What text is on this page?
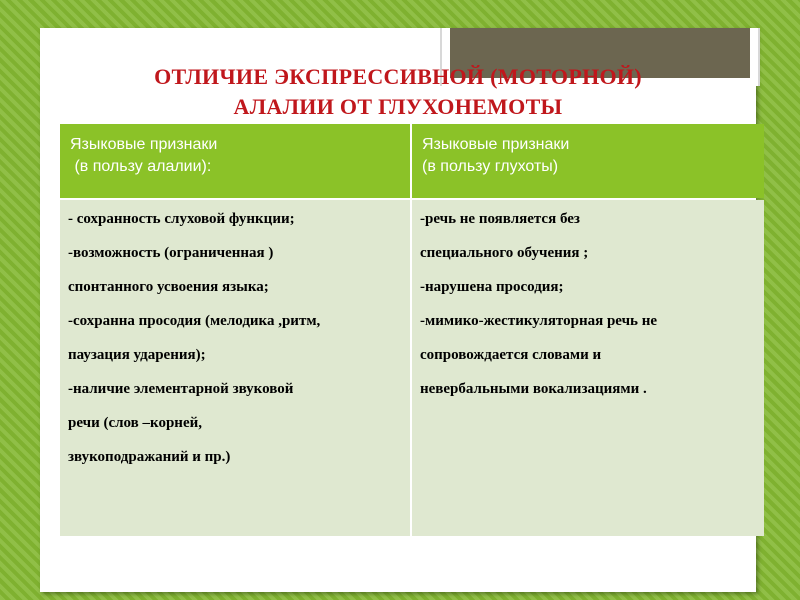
ОТЛИЧИЕ ЭКСПРЕССИВНОЙ (МОТОРНОЙ)
АЛАЛИИ ОТ ГЛУХОНЕМОТЫ
Языковые признаки
(в пользу алалии):
Языковые признаки
(в пользу глухоты)
- сохранность слуховой функции;
-возможность (ограниченная )
спонтанного усвоения языка;
-сохранна просодия (мелодика ,ритм,
паузация ударения);
-наличие элементарной звуковой
речи (слов –корней,
звукоподражаний и пр.)
-речь не появляется без
специального обучения ;
-нарушена просодия;
-мимико-жестикуляторная речь не
сопровождается словами и
невербальными вокализациями .
